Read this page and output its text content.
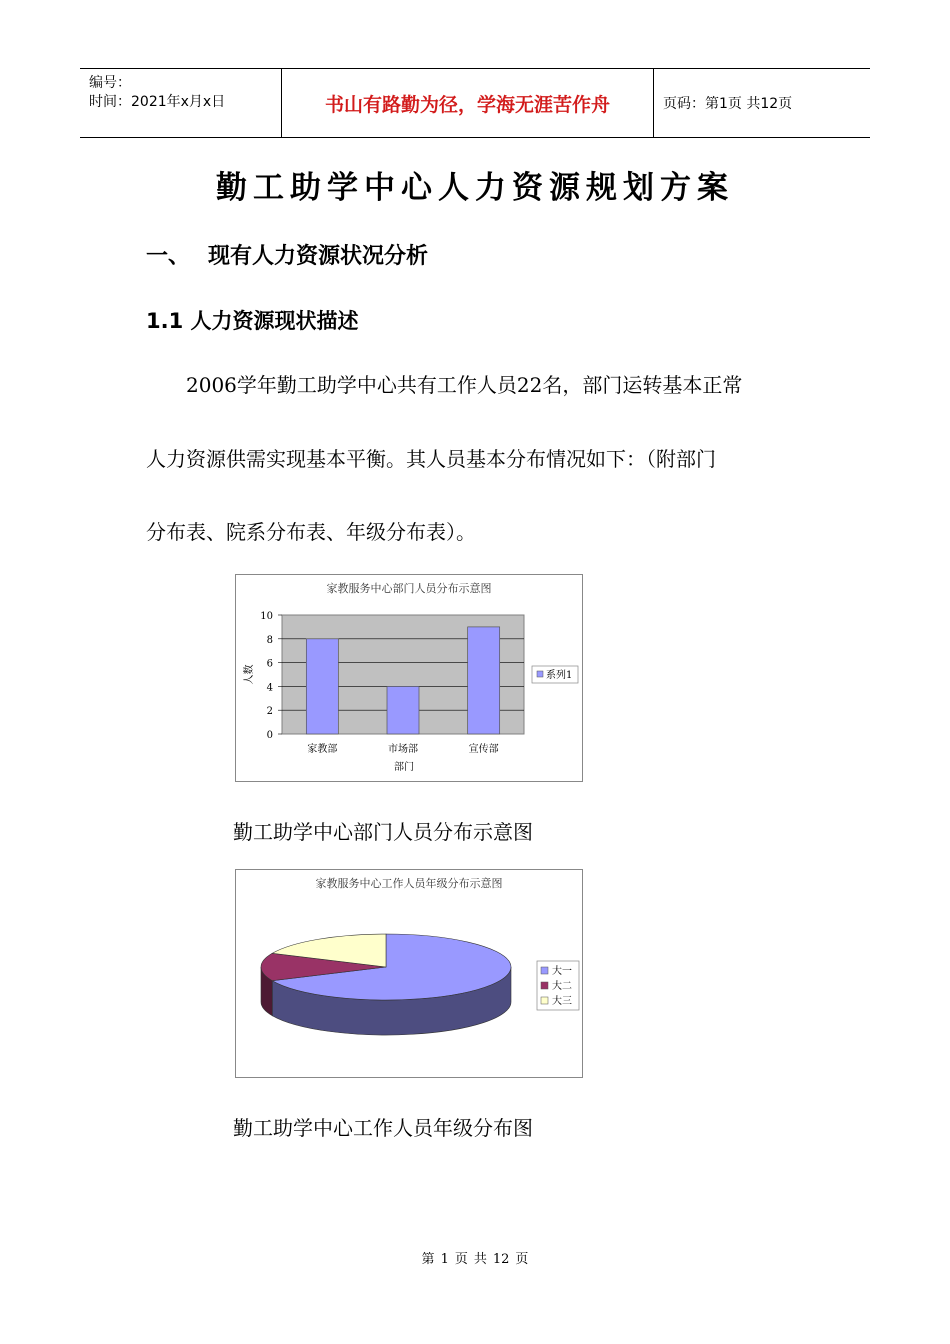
编号：
时间：2021年x月x日	书山有路勤为径，学海无涯苦作舟	页码：第1页 共12页
勤工助学中心人力资源规划方案
一、 现有人力资源状况分析
1.1 人力资源现状描述
2006学年勤工助学中心共有工作人员22名，部门运转基本正常
人力资源供需实现基本平衡。其人员基本分布情况如下：（附部门
分布表、院系分布表、年级分布表）。
家教服务中心部门人员分布示意图
0
2
4
6
8
10
家教部	市场部	宣传部
部门
人数	系列1
勤工助学中心部门人员分布示意图
家教服务中心工作人员年级分布示意图
大一
大二
大三
勤工助学中心工作人员年级分布图
第 1 页 共 12 页
